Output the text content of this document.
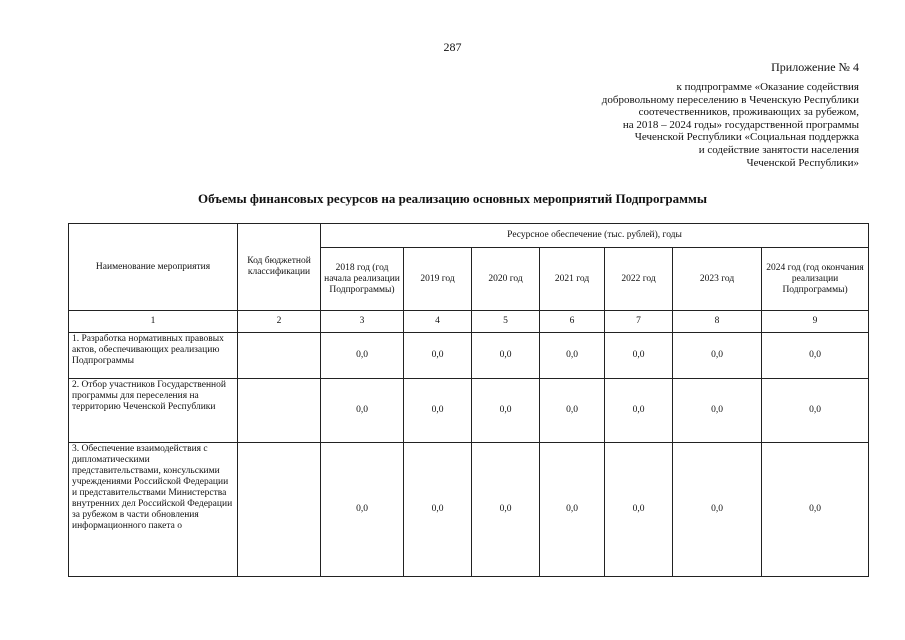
287
Приложение № 4
к подпрограмме «Оказание содействия
добровольному переселению в Чеченскую Республики
соотечественников, проживающих за рубежом,
на 2018 – 2024 годы» государственной программы
Чеченской Республики «Социальная поддержка
и содействие занятости населения
Чеченской Республики»
Объемы финансовых ресурсов на реализацию основных мероприятий Подпрограммы
Наименование мероприятия	Код бюджетной классификации	Ресурсное обеспечение (тыс. рублей), годы						
		2018 год (год начала реализации Подпрограммы)	2019 год	2020 год	2021 год	2022 год	2023 год	2024 год (год окончания реализации Подпрограммы)
1	2	3	4	5	6	7	8	9
1. Разработка нормативных правовых актов, обеспечивающих реализацию Подпрограммы		0,0	0,0	0,0	0,0	0,0	0,0	0,0
2. Отбор участников Государственной программы для переселения на территорию Чеченской Республики		0,0	0,0	0,0	0,0	0,0	0,0	0,0
3. Обеспечение взаимодействия с дипломатическими представительствами, консульскими учреждениями Российской Федерации и представительствами Министерства внутренних дел Российской Федерации за рубежом в части обновления информационного пакета о		0,0	0,0	0,0	0,0	0,0	0,0	0,0
